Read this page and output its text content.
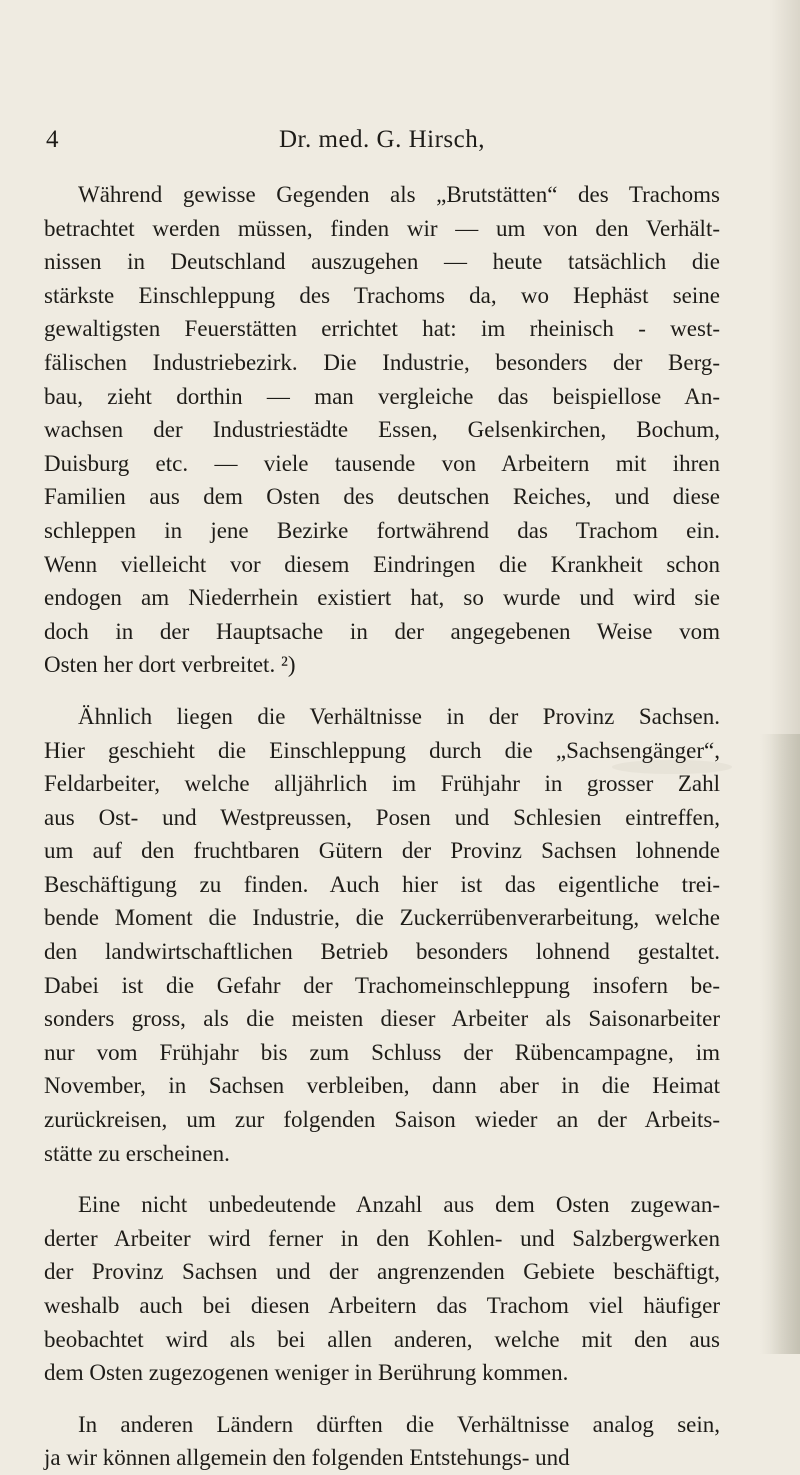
4	Dr. med. G. Hirsch,

Während gewisse Gegenden als „Brutstätten“ des Trachoms
betrachtet werden müssen, finden wir — um von den Verhält-
nissen in Deutschland auszugehen — heute tatsächlich die
stärkste Einschleppung des Trachoms da, wo Hephäst seine
gewaltigsten Feuerstätten errichtet hat: im rheinisch - west-
fälischen Industriebezirk. Die Industrie, besonders der Berg-
bau, zieht dorthin — man vergleiche das beispiellose An-
wachsen der Industriestädte Essen, Gelsenkirchen, Bochum,
Duisburg etc. — viele tausende von Arbeitern mit ihren
Familien aus dem Osten des deutschen Reiches, und diese
schleppen in jene Bezirke fortwährend das Trachom ein.
Wenn vielleicht vor diesem Eindringen die Krankheit schon
endogen am Niederrhein existiert hat, so wurde und wird sie
doch in der Hauptsache in der angegebenen Weise vom
Osten her dort verbreitet. ²)

Ähnlich liegen die Verhältnisse in der Provinz Sachsen.
Hier geschieht die Einschleppung durch die „Sachsengänger“,
Feldarbeiter, welche alljährlich im Frühjahr in grosser Zahl
aus Ost- und Westpreussen, Posen und Schlesien eintreffen,
um auf den fruchtbaren Gütern der Provinz Sachsen lohnende
Beschäftigung zu finden. Auch hier ist das eigentliche trei-
bende Moment die Industrie, die Zuckerrübenverarbeitung, welche
den landwirtschaftlichen Betrieb besonders lohnend gestaltet.
Dabei ist die Gefahr der Trachomeinschleppung insofern be-
sonders gross, als die meisten dieser Arbeiter als Saisonarbeiter
nur vom Frühjahr bis zum Schluss der Rübencampagne, im
November, in Sachsen verbleiben, dann aber in die Heimat
zurückreisen, um zur folgenden Saison wieder an der Arbeits-
stätte zu erscheinen.

Eine nicht unbedeutende Anzahl aus dem Osten zugewan-
derter Arbeiter wird ferner in den Kohlen- und Salzbergwerken
der Provinz Sachsen und der angrenzenden Gebiete beschäftigt,
weshalb auch bei diesen Arbeitern das Trachom viel häufiger
beobachtet wird als bei allen anderen, welche mit den aus
dem Osten zugezogenen weniger in Berührung kommen.

In anderen Ländern dürften die Verhältnisse analog sein,
ja wir können allgemein den folgenden Entstehungs- und
